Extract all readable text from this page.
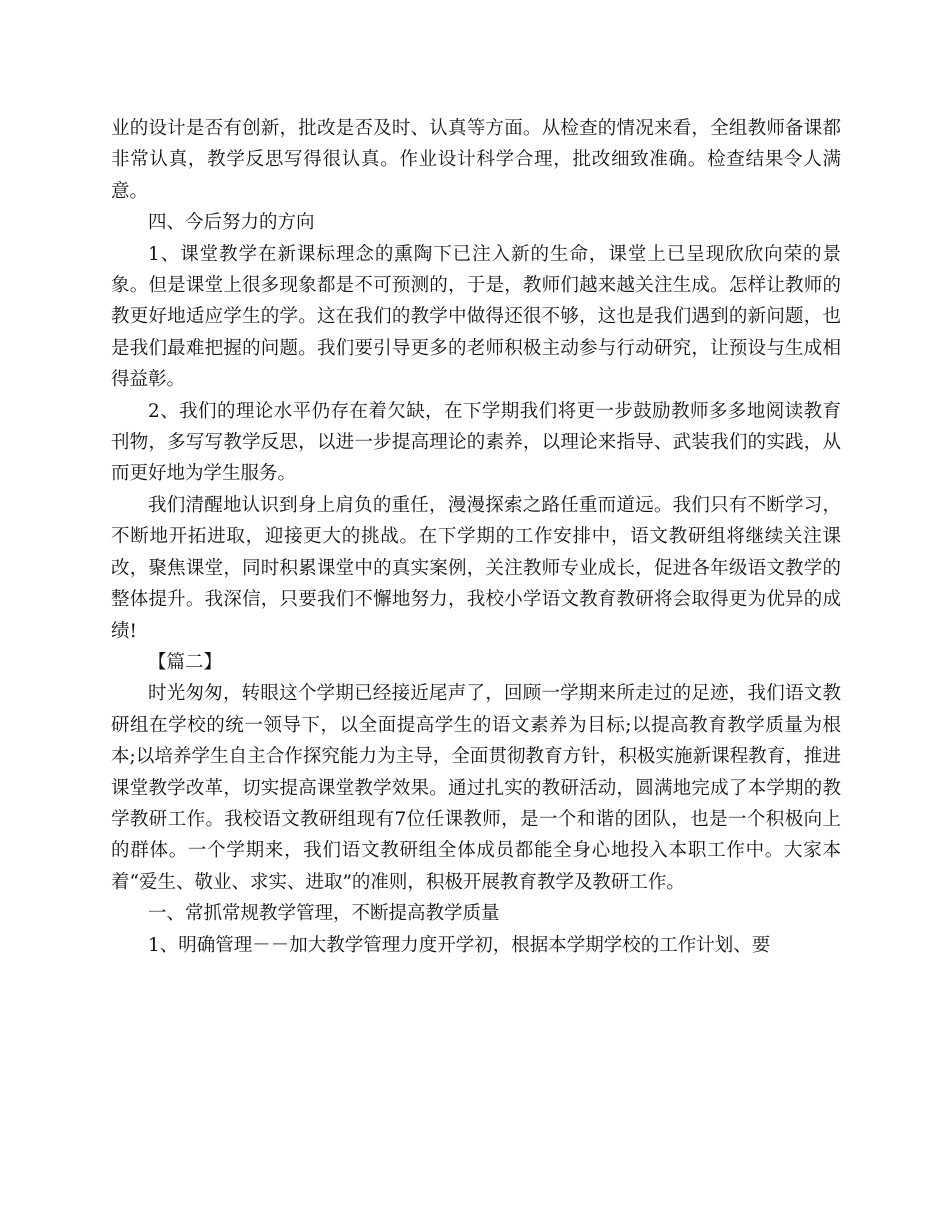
业的设计是否有创新，批改是否及时、认真等方面。从检查的情况来看，全组教师备课都非常认真，教学反思写得很认真。作业设计科学合理，批改细致准确。检查结果令人满意。

四、今后努力的方向

1、课堂教学在新课标理念的熏陶下已注入新的生命，课堂上已呈现欣欣向荣的景象。但是课堂上很多现象都是不可预测的，于是，教师们越来越关注生成。怎样让教师的教更好地适应学生的学。这在我们的教学中做得还很不够，这也是我们遇到的新问题，也是我们最难把握的问题。我们要引导更多的老师积极主动参与行动研究，让预设与生成相得益彰。

2、我们的理论水平仍存在着欠缺，在下学期我们将更一步鼓励教师多多地阅读教育刊物，多写写教学反思，以进一步提高理论的素养，以理论来指导、武装我们的实践，从而更好地为学生服务。

我们清醒地认识到身上肩负的重任，漫漫探索之路任重而道远。我们只有不断学习，不断地开拓进取，迎接更大的挑战。在下学期的工作安排中，语文教研组将继续关注课改，聚焦课堂，同时积累课堂中的真实案例，关注教师专业成长，促进各年级语文教学的整体提升。我深信，只要我们不懈地努力，我校小学语文教育教研将会取得更为优异的成绩!

【篇二】

时光匆匆，转眼这个学期已经接近尾声了，回顾一学期来所走过的足迹，我们语文教研组在学校的统一领导下，以全面提高学生的语文素养为目标;以提高教育教学质量为根本;以培养学生自主合作探究能力为主导，全面贯彻教育方针，积极实施新课程教育，推进课堂教学改革，切实提高课堂教学效果。通过扎实的教研活动，圆满地完成了本学期的教学教研工作。我校语文教研组现有7位任课教师，是一个和谐的团队，也是一个积极向上的群体。一个学期来，我们语文教研组全体成员都能全身心地投入本职工作中。大家本着“爱生、敬业、求实、进取”的准则，积极开展教育教学及教研工作。

一、常抓常规教学管理，不断提高教学质量

1、明确管理－－加大教学管理力度开学初，根据本学期学校的工作计划、要
